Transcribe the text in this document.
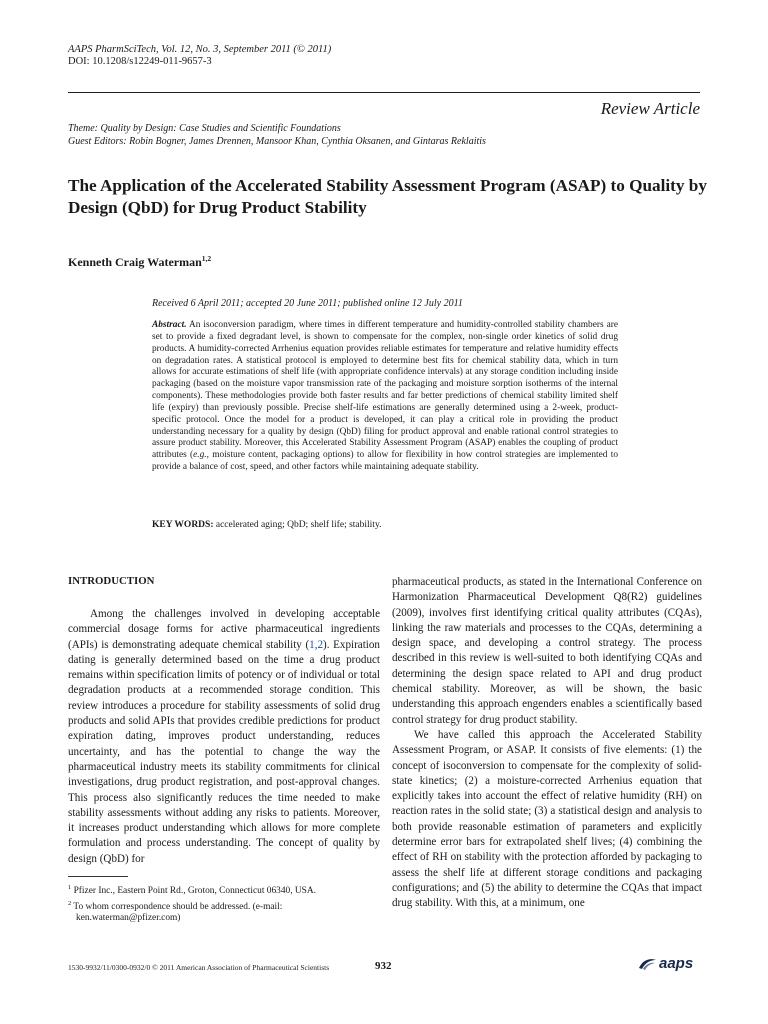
AAPS PharmSciTech, Vol. 12, No. 3, September 2011 (© 2011)
DOI: 10.1208/s12249-011-9657-3
Review Article
Theme: Quality by Design: Case Studies and Scientific Foundations
Guest Editors: Robin Bogner, James Drennen, Mansoor Khan, Cynthia Oksanen, and Gintaras Reklaitis
The Application of the Accelerated Stability Assessment Program (ASAP) to Quality by Design (QbD) for Drug Product Stability
Kenneth Craig Waterman$^{1,2}$
Received 6 April 2011; accepted 20 June 2011; published online 12 July 2011
Abstract. An isoconversion paradigm, where times in different temperature and humidity-controlled stability chambers are set to provide a fixed degradant level, is shown to compensate for the complex, non-single order kinetics of solid drug products. A humidity-corrected Arrhenius equation provides reliable estimates for temperature and relative humidity effects on degradation rates. A statistical protocol is employed to determine best fits for chemical stability data, which in turn allows for accurate estimations of shelf life (with appropriate confidence intervals) at any storage condition including inside packaging (based on the moisture vapor transmission rate of the packaging and moisture sorption isotherms of the internal components). These methodologies provide both faster results and far better predictions of chemical stability limited shelf life (expiry) than previously possible. Precise shelf-life estimations are generally determined using a 2-week, product-specific protocol. Once the model for a product is developed, it can play a critical role in providing the product understanding necessary for a quality by design (QbD) filing for product approval and enable rational control strategies to assure product stability. Moreover, this Accelerated Stability Assessment Program (ASAP) enables the coupling of product attributes (e.g., moisture content, packaging options) to allow for flexibility in how control strategies are implemented to provide a balance of cost, speed, and other factors while maintaining adequate stability.
KEY WORDS: accelerated aging; QbD; shelf life; stability.
INTRODUCTION

Among the challenges involved in developing acceptable commercial dosage forms for active pharmaceutical ingredients (APIs) is demonstrating adequate chemical stability (1,2). Expiration dating is generally determined based on the time a drug product remains within specification limits of potency or of individual or total degradation products at a recommended storage condition. This review introduces a procedure for stability assessments of solid drug products and solid APIs that provides credible predictions for product expiration dating, improves product understanding, reduces uncertainty, and has the potential to change the way the pharmaceutical industry meets its stability commitments for clinical investigations, drug product registration, and post-approval changes. This process also significantly reduces the time needed to make stability assessments without adding any risks to patients. Moreover, it increases product understanding which allows for more complete formulation and process understanding. The concept of quality by design (QbD) for

pharmaceutical products, as stated in the International Conference on Harmonization Pharmaceutical Development Q8(R2) guidelines (2009), involves first identifying critical quality attributes (CQAs), linking the raw materials and processes to the CQAs, determining a design space, and developing a control strategy. The process described in this review is well-suited to both identifying CQAs and determining the design space related to API and drug product chemical stability. Moreover, as will be shown, the basic understanding this approach engenders enables a scientifically based control strategy for drug product stability.

We have called this approach the Accelerated Stability Assessment Program, or ASAP. It consists of five elements: (1) the concept of isoconversion to compensate for the complexity of solid-state kinetics; (2) a moisture-corrected Arrhenius equation that explicitly takes into account the effect of relative humidity (RH) on reaction rates in the solid state; (3) a statistical design and analysis to both provide reasonable estimation of parameters and explicitly determine error bars for extrapolated shelf lives; (4) combining the effect of RH on stability with the protection afforded by packaging to assess the shelf life at different storage conditions and packaging configurations; and (5) the ability to determine the CQAs that impact drug stability. With this, at a minimum, one

$^1$ Pfizer Inc., Eastern Point Rd., Groton, Connecticut 06340, USA.

$^2$ To whom correspondence should be addressed. (e-mail: ken.waterman@pfizer.com)

1530-9932/11/0300-0932/0 © 2011 American Association of Pharmaceutical Scientists	932	aaps
